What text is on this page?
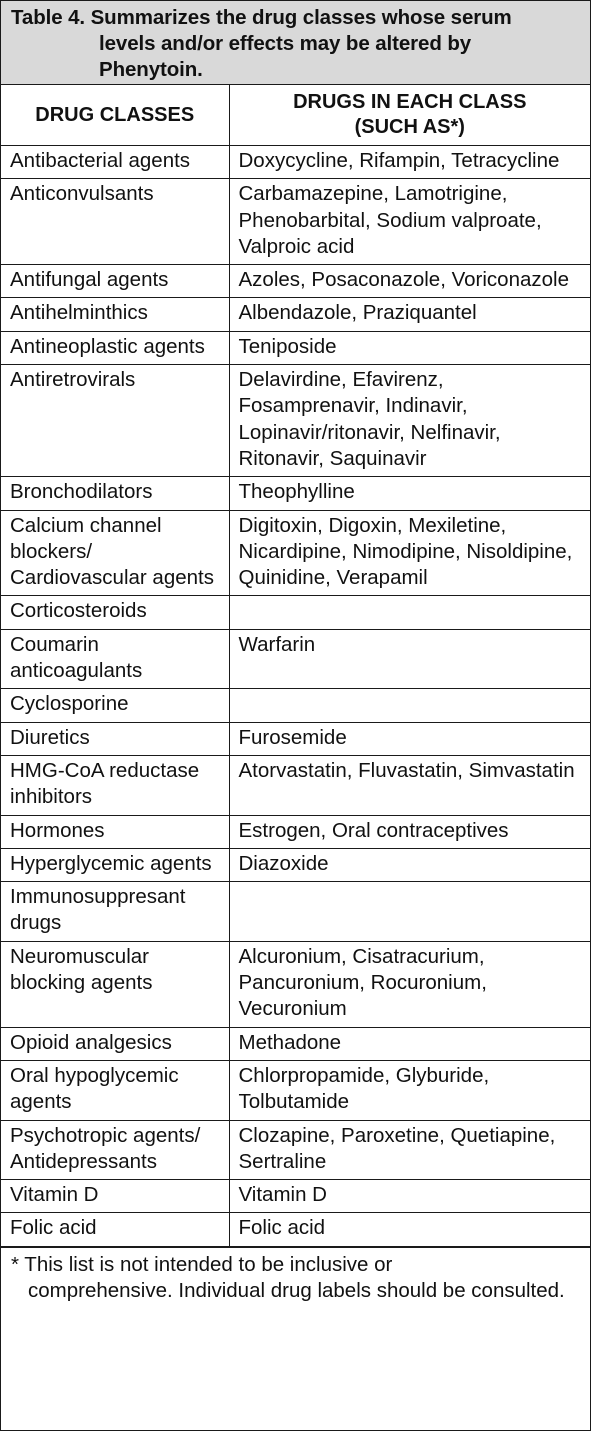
Table 4. Summarizes the drug classes whose serum
levels and/or effects may be altered by
Phenytoin.
DRUG CLASSES	DRUGS IN EACH CLASS
(SUCH AS*)
Antibacterial agents	Doxycycline, Rifampin, Tetracycline
Anticonvulsants	Carbamazepine, Lamotrigine, Phenobarbital, Sodium valproate, Valproic acid
Antifungal agents	Azoles, Posaconazole, Voriconazole
Antihelminthics	Albendazole, Praziquantel
Antineoplastic agents	Teniposide
Antiretrovirals	Delavirdine, Efavirenz, Fosamprenavir, Indinavir, Lopinavir/ritonavir, Nelfinavir, Ritonavir, Saquinavir
Bronchodilators	Theophylline
Calcium channel blockers/ Cardiovascular agents	Digitoxin, Digoxin, Mexiletine, Nicardipine, Nimodipine, Nisoldipine, Quinidine, Verapamil
Corticosteroids	
Coumarin anticoagulants	Warfarin
Cyclosporine	
Diuretics	Furosemide
HMG-CoA reductase inhibitors	Atorvastatin, Fluvastatin, Simvastatin
Hormones	Estrogen, Oral contraceptives
Hyperglycemic agents	Diazoxide
Immunosuppresant drugs	
Neuromuscular blocking agents	Alcuronium, Cisatracurium, Pancuronium, Rocuronium, Vecuronium
Opioid analgesics	Methadone
Oral hypoglycemic agents	Chlorpropamide, Glyburide, Tolbutamide
Psychotropic agents/ Antidepressants	Clozapine, Paroxetine, Quetiapine, Sertraline
Vitamin D	Vitamin D
Folic acid	Folic acid
* This list is not intended to be inclusive or
comprehensive. Individual drug labels should be consulted.
